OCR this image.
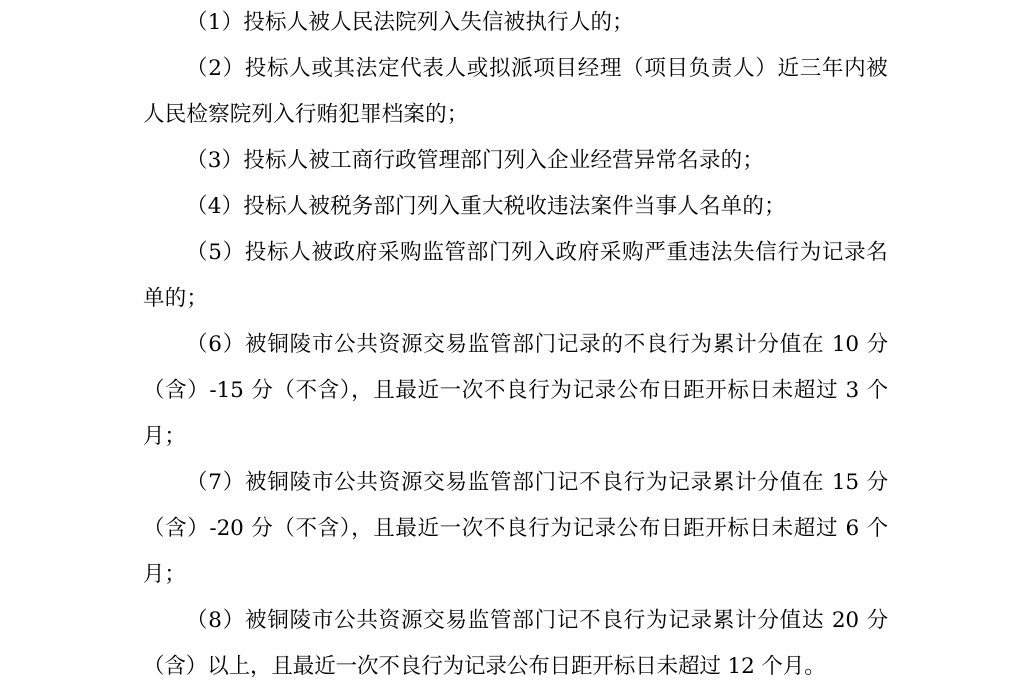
（1）投标人被人民法院列入失信被执行人的；

（2）投标人或其法定代表人或拟派项目经理（项目负责人）近三年内被人民检察院列入行贿犯罪档案的；

（3）投标人被工商行政管理部门列入企业经营异常名录的；

（4）投标人被税务部门列入重大税收违法案件当事人名单的；

（5）投标人被政府采购监管部门列入政府采购严重违法失信行为记录名单的；

（6）被铜陵市公共资源交易监管部门记录的不良行为累计分值在 10 分（含）-15 分（不含），且最近一次不良行为记录公布日距开标日未超过 3 个月；

（7）被铜陵市公共资源交易监管部门记不良行为记录累计分值在 15 分（含）-20 分（不含），且最近一次不良行为记录公布日距开标日未超过 6 个月；

（8）被铜陵市公共资源交易监管部门记不良行为记录累计分值达 20 分（含）以上，且最近一次不良行为记录公布日距开标日未超过 12 个月。
